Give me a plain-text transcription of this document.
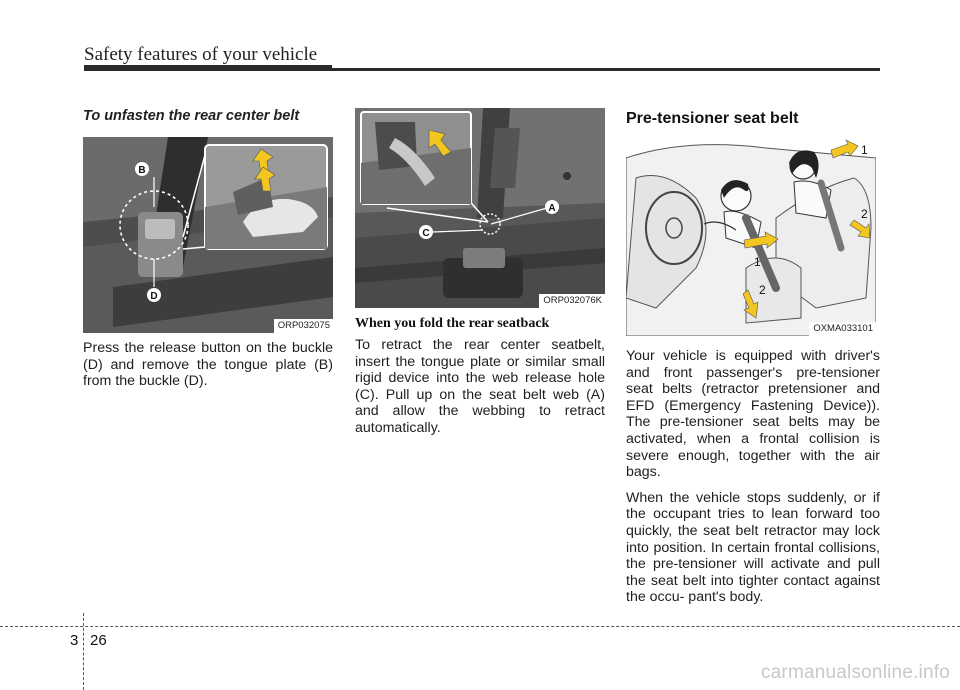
Safety features of your vehicle
To unfasten the rear center belt
B
D
ORP032075

Press the release button on the buckle (D) and remove the tongue plate (B) from the buckle (D).

A
C
ORP032076K
When you fold the rear seatback

To retract the rear center seatbelt, insert the tongue plate or similar small rigid device into the web release hole (C). Pull up on the seat belt web (A) and allow the webbing to retract automatically.

Pre-tensioner seat belt
1
2
1
2
OXMA033101

Your vehicle is equipped with driver's and front passenger's pre-tensioner seat belts (retractor pretensioner and EFD (Emergency Fastening Device)). The pre-tensioner seat belts may be activated, when a frontal collision is severe enough, together with the air bags.

When the vehicle stops suddenly, or if the occupant tries to lean forward too quickly, the seat belt retractor may lock into position. In certain frontal collisions, the pre-tensioner will activate and pull the seat belt into tighter contact against the occu- pant's body.

3 26
carmanualsonline.info
